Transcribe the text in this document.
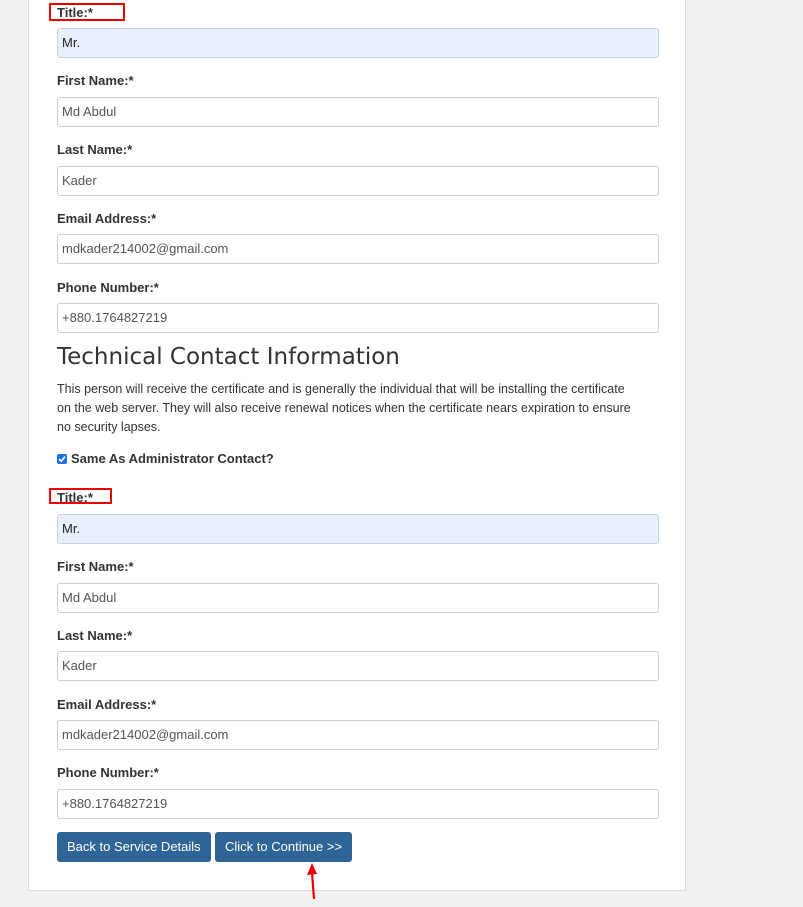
Title:*
Mr.
First Name:*
Md Abdul
Last Name:*
Kader
Email Address:*
mdkader214002@gmail.com
Phone Number:*
+880.1764827219
Technical Contact Information
This person will receive the certificate and is generally the individual that will be installing the certificate on the web server. They will also receive renewal notices when the certificate nears expiration to ensure no security lapses.
Same As Administrator Contact?
Title:*
Mr.
First Name:*
Md Abdul
Last Name:*
Kader
Email Address:*
mdkader214002@gmail.com
Phone Number:*
+880.1764827219
Back to Service Details	Click to Continue >>
